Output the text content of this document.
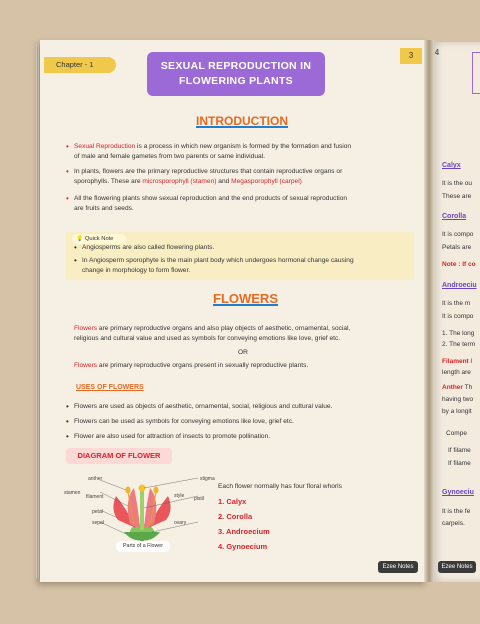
Chapter - 1	SEXUAL REPRODUCTION IN
FLOWERING PLANTS
3	4
INTRODUCTION
• Sexual Reproduction is a process in which new organism is formed by the formation and fusion
of male and female gametes from two parents or same individual.
• In plants, flowers are the primary reproductive structures that contain reproductive organs or
sporophylls. These are microsporophyll (stamen) and Megasporophyll (carpel)
• All the flowering plants show sexual reproduction and the end products of sexual reproduction
are fruits and seeds.
💡 Quick Note
• Angiosperms are also called flowering plants.
• In Angiosperm sporophyte is the main plant body which undergoes hormonal change causing
change in morphology to form flower.
FLOWERS
Flowers are primary reproductive organs and also play objects of aesthetic, ornamental, social,
religious and cultural value and used as symbols for conveying emotions like love, grief etc.
OR
Flowers are primary reproductive organs present in sexually reproductive plants.
USES OF FLOWERS
• Flowers are used as objects of aesthetic, ornamental, social, religious and cultural value.
• Flowers can be used as symbols for conveying emotions like love, grief etc.
• Flower are also used for attraction of insects to promote pollination.
DIAGRAM OF FLOWER
anther
stamen
filament
petal
sepal
stigma
style pistil
ovary
Parts of a Flower
Each flower normally has four floral whorls
1. Calyx
2. Corolla
3. Androecium
4. Gynoecium
Ezee Notes
Calyx
It is the ou
These are
Corolla
It is compo
Petals are
Note : If co
Androeciu
It is the m
It is compo
1. The long
2. The term
Filament l
length are
Anther Th
having two
by a longit
Compe
If filame
If filame
Gynoeciu
It is the fe
carpels.
Ezee Notes
